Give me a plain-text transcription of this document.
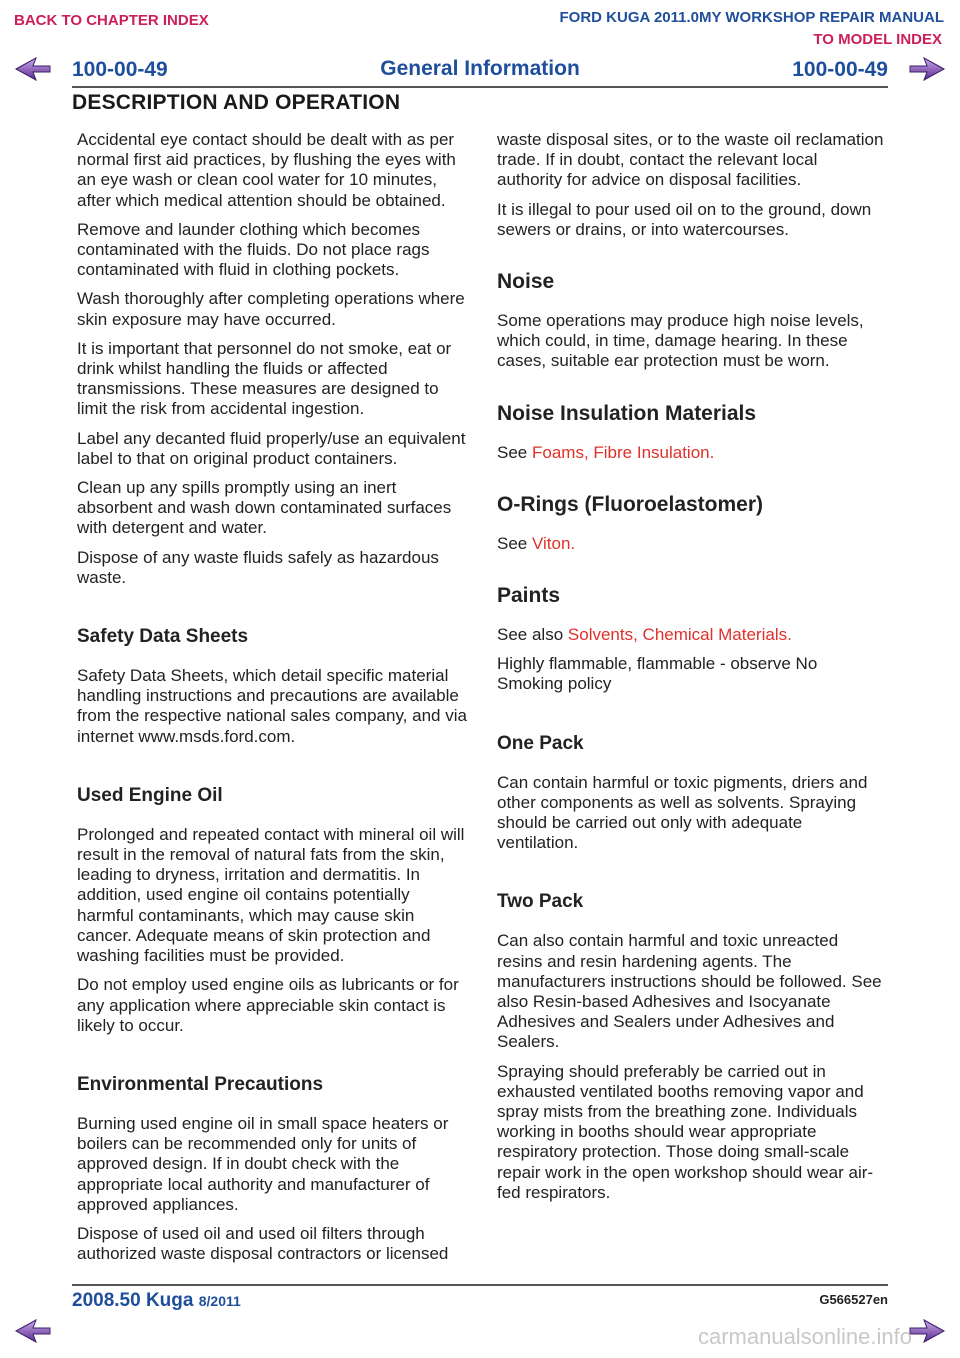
BACK TO CHAPTER INDEX	FORD KUGA 2011.0MY WORKSHOP REPAIR MANUAL
TO MODEL INDEX
100-00-49	General Information	100-00-49
DESCRIPTION AND OPERATION

Accidental eye contact should be dealt with as per normal first aid practices, by flushing the eyes with an eye wash or clean cool water for 10 minutes, after which medical attention should be obtained.

Remove and launder clothing which becomes contaminated with the fluids. Do not place rags contaminated with fluid in clothing pockets.

Wash thoroughly after completing operations where skin exposure may have occurred.

It is important that personnel do not smoke, eat or drink whilst handling the fluids or affected transmissions. These measures are designed to limit the risk from accidental ingestion.

Label any decanted fluid properly/use an equivalent label to that on original product containers.

Clean up any spills promptly using an inert absorbent and wash down contaminated surfaces with detergent and water.

Dispose of any waste fluids safely as hazardous waste.

Safety Data Sheets

Safety Data Sheets, which detail specific material handling instructions and precautions are available from the respective national sales company, and via internet www.msds.ford.com.

Used Engine Oil

Prolonged and repeated contact with mineral oil will result in the removal of natural fats from the skin, leading to dryness, irritation and dermatitis. In addition, used engine oil contains potentially harmful contaminants, which may cause skin cancer. Adequate means of skin protection and washing facilities must be provided.

Do not employ used engine oils as lubricants or for any application where appreciable skin contact is likely to occur.

Environmental Precautions

Burning used engine oil in small space heaters or boilers can be recommended only for units of approved design. If in doubt check with the appropriate local authority and manufacturer of approved appliances.

Dispose of used oil and used oil filters through authorized waste disposal contractors or licensed

waste disposal sites, or to the waste oil reclamation trade. If in doubt, contact the relevant local authority for advice on disposal facilities.

It is illegal to pour used oil on to the ground, down sewers or drains, or into watercourses.

Noise

Some operations may produce high noise levels, which could, in time, damage hearing. In these cases, suitable ear protection must be worn.

Noise Insulation Materials

See Foams, Fibre Insulation.

O-Rings (Fluoroelastomer)

See Viton.

Paints

See also Solvents, Chemical Materials.

Highly flammable, flammable - observe No Smoking policy

One Pack

Can contain harmful or toxic pigments, driers and other components as well as solvents. Spraying should be carried out only with adequate ventilation.

Two Pack

Can also contain harmful and toxic unreacted resins and resin hardening agents. The manufacturers instructions should be followed. See also Resin-based Adhesives and Isocyanate Adhesives and Sealers under Adhesives and Sealers.

Spraying should preferably be carried out in exhausted ventilated booths removing vapor and spray mists from the breathing zone. Individuals working in booths should wear appropriate respiratory protection. Those doing small-scale repair work in the open workshop should wear air-fed respirators.

2008.50 Kuga 8/2011	G566527en
carmanualsonline.info
